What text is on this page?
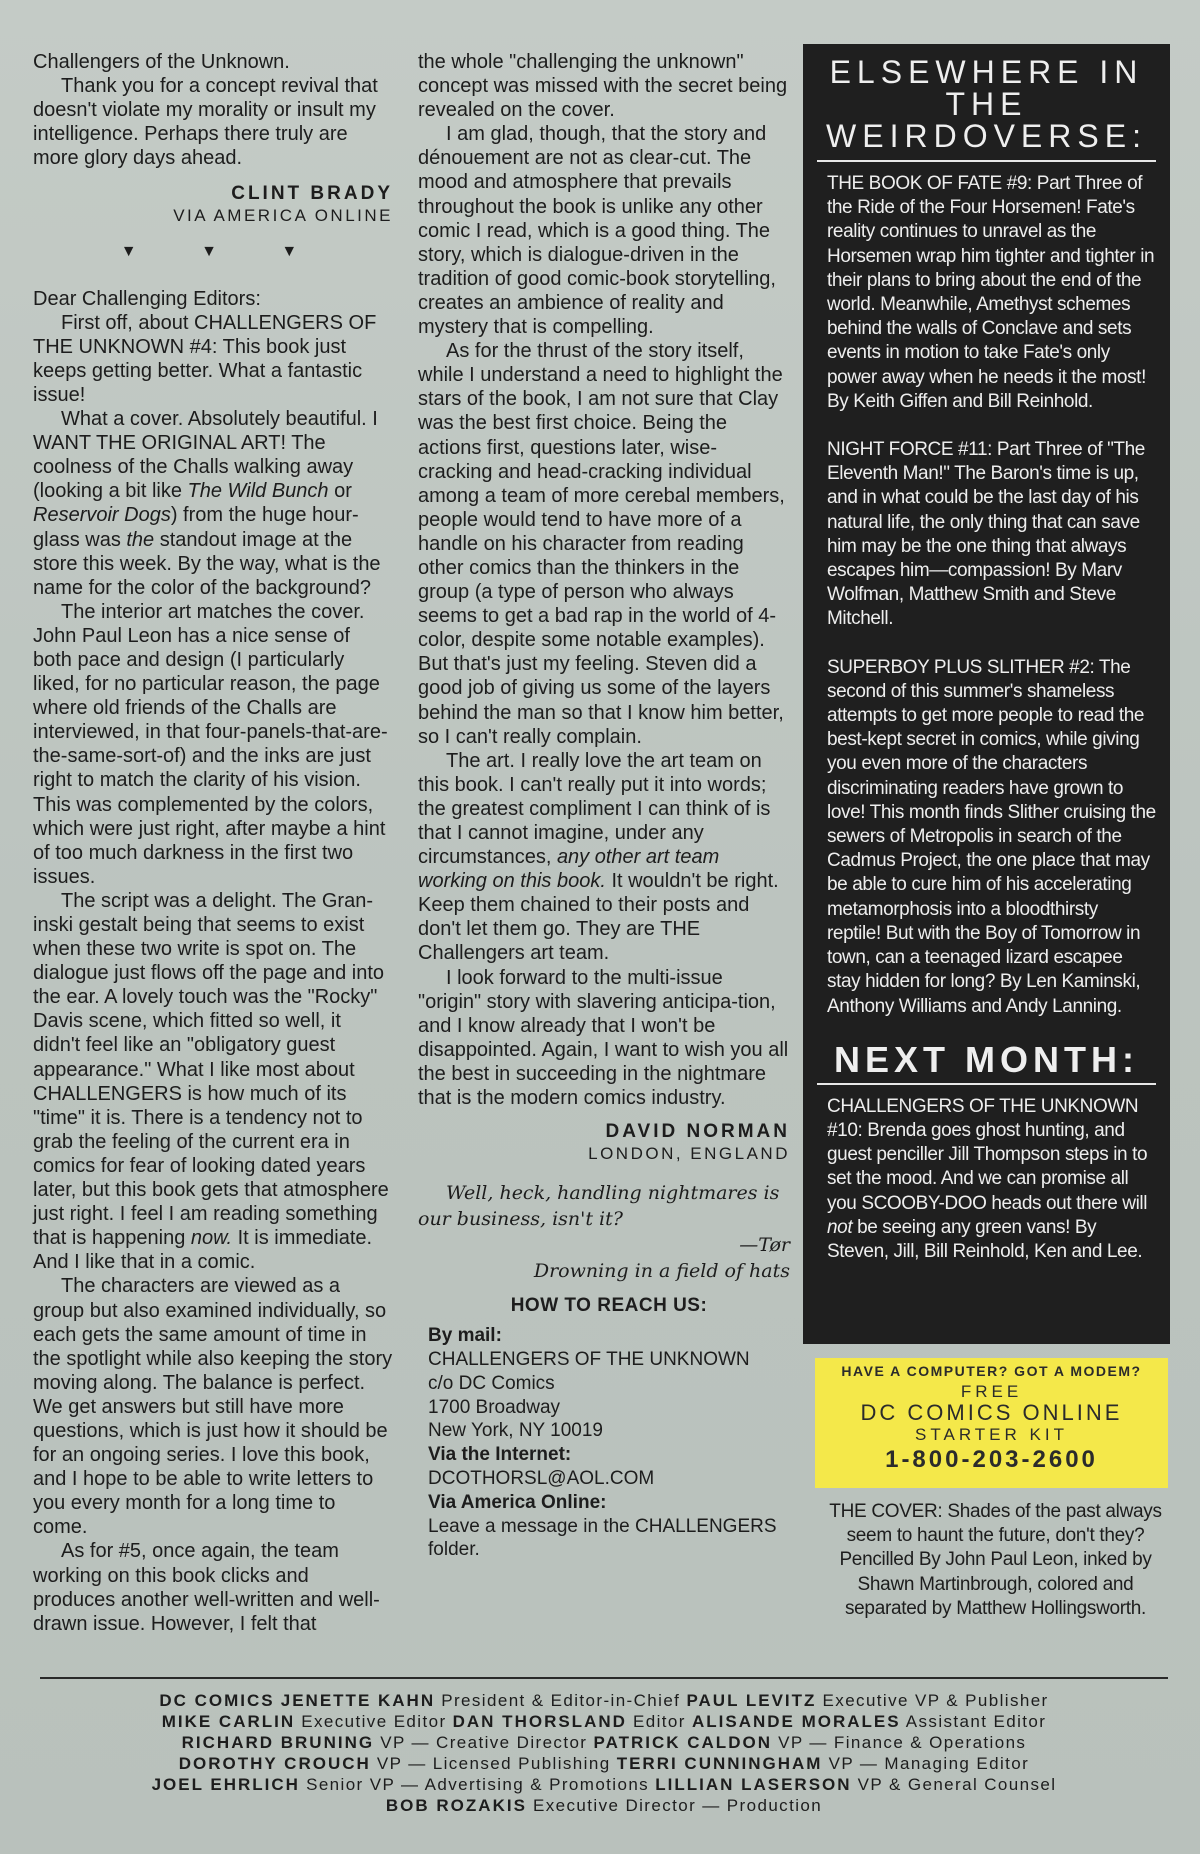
Challengers of the Unknown.

Thank you for a concept revival that doesn't violate my morality or insult my intelligence. Perhaps there truly are more glory days ahead.

CLINT BRADY
VIA AMERICA ONLINE
▼ ▼ ▼

Dear Challenging Editors:

First off, about CHALLENGERS OF THE UNKNOWN #4: This book just keeps getting better. What a fantastic issue!

What a cover. Absolutely beautiful. I WANT THE ORIGINAL ART! The coolness of the Challs walking away (looking a bit like The Wild Bunch or Reservoir Dogs) from the huge hour-glass was the standout image at the store this week. By the way, what is the name for the color of the background?

The interior art matches the cover. John Paul Leon has a nice sense of both pace and design (I particularly liked, for no particular reason, the page where old friends of the Challs are interviewed, in that four-panels-that-are-the-same-sort-of) and the inks are just right to match the clarity of his vision. This was complemented by the colors, which were just right, after maybe a hint of too much darkness in the first two issues.

The script was a delight. The Gran-inski gestalt being that seems to exist when these two write is spot on. The dialogue just flows off the page and into the ear. A lovely touch was the "Rocky" Davis scene, which fitted so well, it didn't feel like an "obligatory guest appearance." What I like most about CHALLENGERS is how much of its "time" it is. There is a tendency not to grab the feeling of the current era in comics for fear of looking dated years later, but this book gets that atmosphere just right. I feel I am reading something that is happening now. It is immediate. And I like that in a comic.

The characters are viewed as a group but also examined individually, so each gets the same amount of time in the spotlight while also keeping the story moving along. The balance is perfect. We get answers but still have more questions, which is just how it should be for an ongoing series. I love this book, and I hope to be able to write letters to you every month for a long time to come.

As for #5, once again, the team working on this book clicks and produces another well-written and well-drawn issue. However, I felt that

the whole "challenging the unknown" concept was missed with the secret being revealed on the cover.

I am glad, though, that the story and dénouement are not as clear-cut. The mood and atmosphere that prevails throughout the book is unlike any other comic I read, which is a good thing. The story, which is dialogue-driven in the tradition of good comic-book storytelling, creates an ambience of reality and mystery that is compelling.

As for the thrust of the story itself, while I understand a need to highlight the stars of the book, I am not sure that Clay was the best first choice. Being the actions first, questions later, wise-cracking and head-cracking individual among a team of more cerebal members, people would tend to have more of a handle on his character from reading other comics than the thinkers in the group (a type of person who always seems to get a bad rap in the world of 4-color, despite some notable examples). But that's just my feeling. Steven did a good job of giving us some of the layers behind the man so that I know him better, so I can't really complain.

The art. I really love the art team on this book. I can't really put it into words; the greatest compliment I can think of is that I cannot imagine, under any circumstances, any other art team working on this book. It wouldn't be right. Keep them chained to their posts and don't let them go. They are THE Challengers art team.

I look forward to the multi-issue "origin" story with slavering anticipa-tion, and I know already that I won't be disappointed. Again, I want to wish you all the best in succeeding in the nightmare that is the modern comics industry.

DAVID NORMAN
LONDON, ENGLAND

Well, heck, handling nightmares is our business, isn't it?

—Tør

Drowning in a field of hats

HOW TO REACH US:
By mail:
CHALLENGERS OF THE UNKNOWN
c/o DC Comics
1700 Broadway
New York, NY 10019
Via the Internet:
DCOTHORSL@AOL.COM
Via America Online:
Leave a message in the CHALLENGERS folder.
ELSEWHERE IN
THE
WEIRDOVERSE:
THE BOOK OF FATE #9: Part Three of the Ride of the Four Horsemen! Fate's reality continues to unravel as the Horsemen wrap him tighter and tighter in their plans to bring about the end of the world. Meanwhile, Amethyst schemes behind the walls of Conclave and sets events in motion to take Fate's only power away when he needs it the most! By Keith Giffen and Bill Reinhold.
NIGHT FORCE #11: Part Three of "The Eleventh Man!" The Baron's time is up, and in what could be the last day of his natural life, the only thing that can save him may be the one thing that always escapes him—compassion! By Marv Wolfman, Matthew Smith and Steve Mitchell.
SUPERBOY PLUS SLITHER #2: The second of this summer's shameless attempts to get more people to read the best-kept secret in comics, while giving you even more of the characters discriminating readers have grown to love! This month finds Slither cruising the sewers of Metropolis in search of the Cadmus Project, the one place that may be able to cure him of his accelerating metamorphosis into a bloodthirsty reptile! But with the Boy of Tomorrow in town, can a teenaged lizard escapee stay hidden for long? By Len Kaminski, Anthony Williams and Andy Lanning.
NEXT MONTH:
CHALLENGERS OF THE UNKNOWN #10: Brenda goes ghost hunting, and guest penciller Jill Thompson steps in to set the mood. And we can promise all you SCOOBY-DOO heads out there will not be seeing any green vans! By Steven, Jill, Bill Reinhold, Ken and Lee.
HAVE A COMPUTER? GOT A MODEM?
FREE
DC COMICS ONLINE
STARTER KIT
1-800-203-2600
THE COVER: Shades of the past always seem to haunt the future, don't they? Pencilled By John Paul Leon, inked by Shawn Martinbrough, colored and separated by Matthew Hollingsworth.
DC COMICS JENETTE KAHN President & Editor-in-Chief PAUL LEVITZ Executive VP & Publisher
MIKE CARLIN Executive Editor DAN THORSLAND Editor ALISANDE MORALES Assistant Editor
RICHARD BRUNING VP — Creative Director PATRICK CALDON VP — Finance & Operations
DOROTHY CROUCH VP — Licensed Publishing TERRI CUNNINGHAM VP — Managing Editor
JOEL EHRLICH Senior VP — Advertising & Promotions LILLIAN LASERSON VP & General Counsel
BOB ROZAKIS Executive Director — Production
